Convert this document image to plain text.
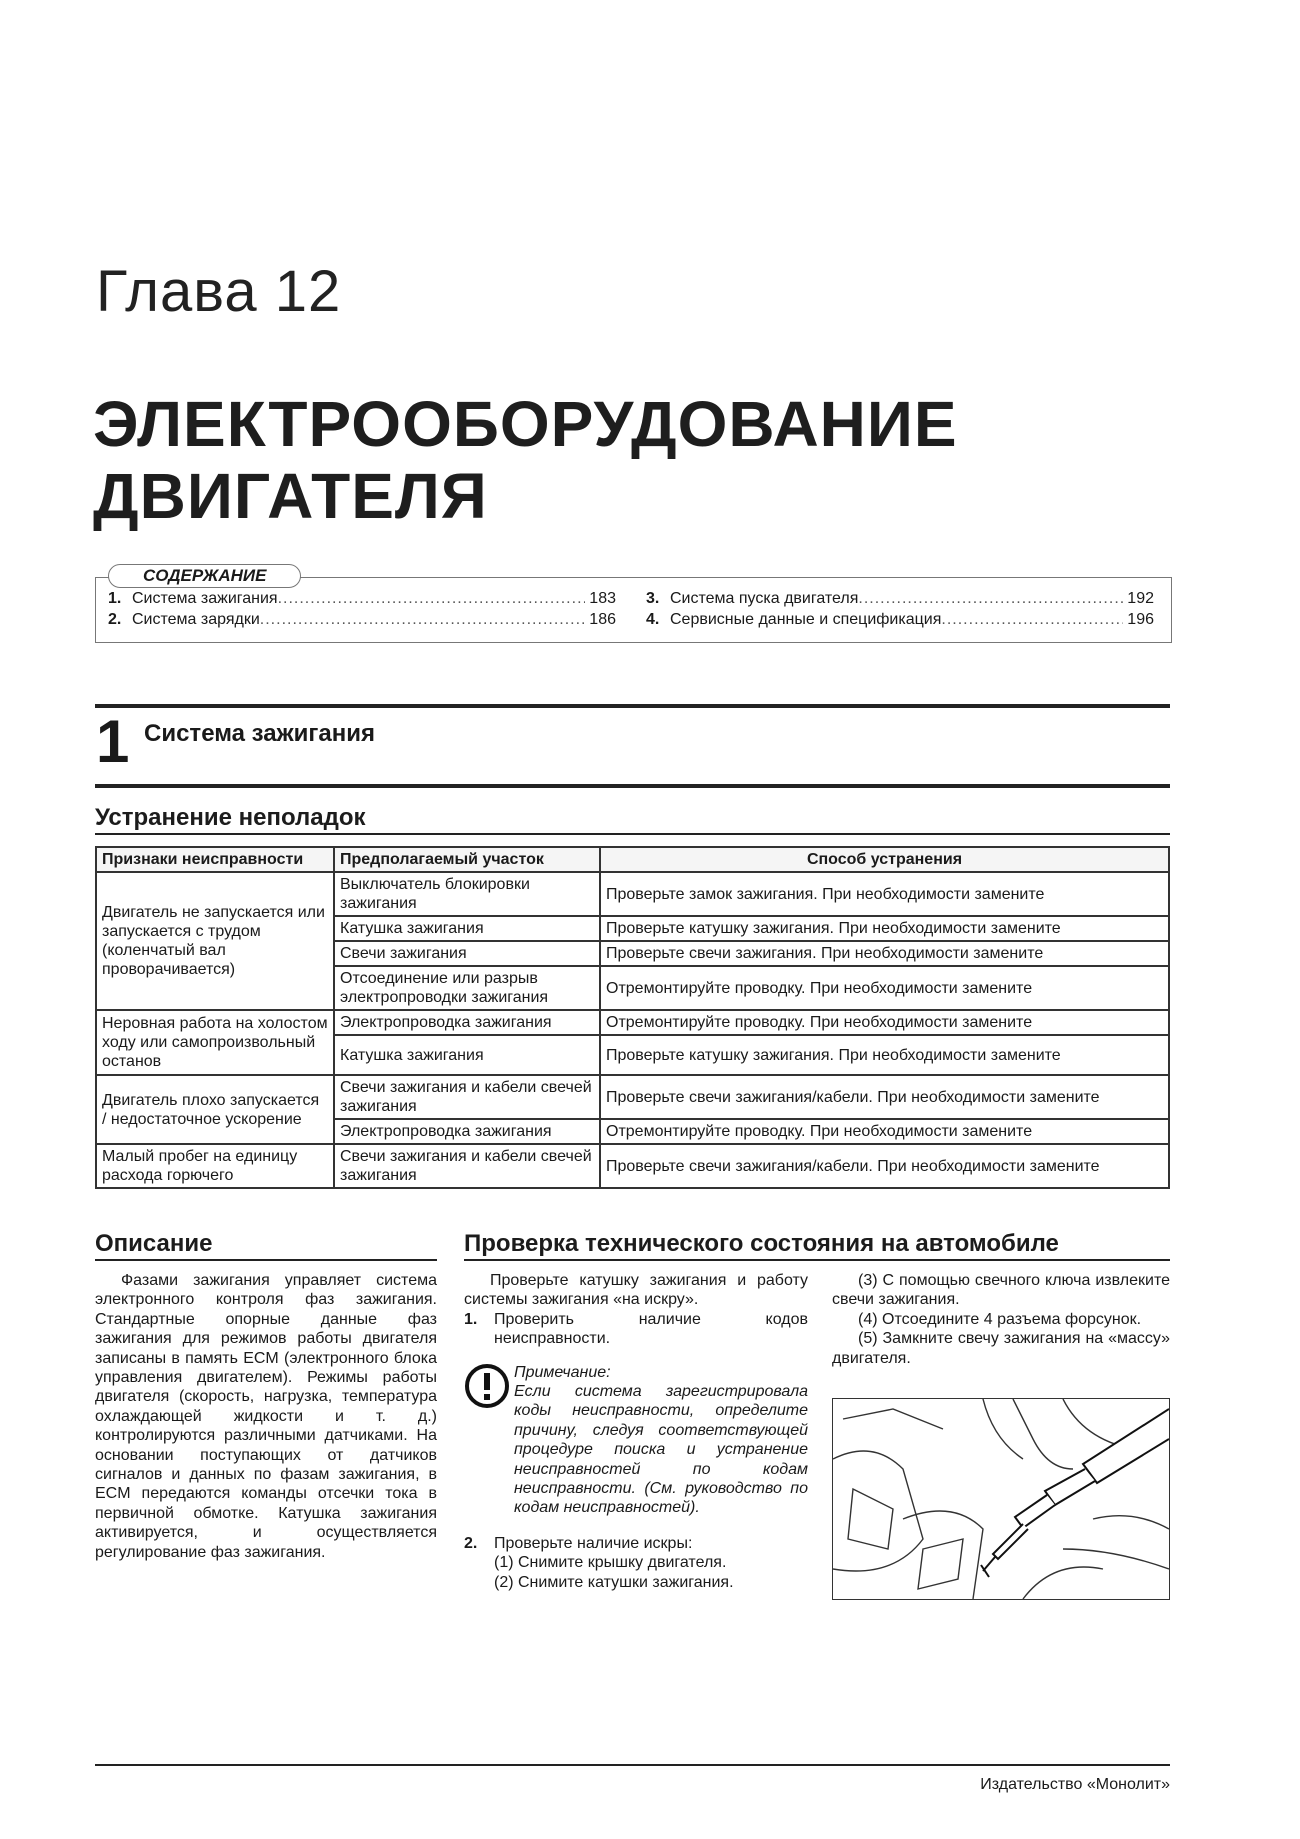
Глава 12
ЭЛЕКТРООБОРУДОВАНИЕ
ДВИГАТЕЛЯ
1. Система зажигания .....	183
2. Система зарядки .....	186
3. Система пуска двигателя .....	192
4. Сервисные данные и спецификация .....	196
СОДЕРЖАНИЕ
1 Система зажигания
Устранение неполадок
Признаки неисправности	Предполагаемый участок	Способ устранения
Двигатель не запускается или запускается с трудом (коленчатый вал проворачивается)	Выключатель блокировки зажигания	Проверьте замок зажигания. При необходимости замените
	Катушка зажигания	Проверьте катушку зажигания. При необходимости замените
	Свечи зажигания	Проверьте свечи зажигания. При необходимости замените
	Отсоединение или разрыв электропроводки зажигания	Отремонтируйте проводку. При необходимости замените
Неровная работа на холостом ходу или самопроизвольный останов	Электропроводка зажигания	Отремонтируйте проводку. При необходимости замените
	Катушка зажигания	Проверьте катушку зажигания. При необходимости замените
Двигатель плохо запускается / недостаточное ускорение	Свечи зажигания и кабели свечей зажигания	Проверьте свечи зажигания/кабели. При необходимости замените
	Электропроводка зажигания	Отремонтируйте проводку. При необходимости замените
Малый пробег на единицу расхода горючего	Свечи зажигания и кабели свечей зажигания	Проверьте свечи зажигания/кабели. При необходимости замените
Описание
Фазами зажигания управляет система электронного контроля фаз зажигания. Стандартные опорные данные фаз зажигания для режимов работы двигателя записаны в память ECM (электронного блока управления двигателем). Режимы работы двигателя (скорость, нагрузка, температура охлаждающей жидкости и т. д.) контролируются различными датчиками. На основании поступающих от датчиков сигналов и данных по фазам зажигания, в ECM передаются команды отсечки тока в первичной обмотке. Катушка зажигания активируется, и осуществляется регулирование фаз зажигания.
Проверка технического состояния на автомобиле
Проверьте катушку зажигания и работу системы зажигания «на искру».
1.	Проверить наличие кодов неисправности.
Примечание:
Если система зарегистрировала коды неисправности, определите причину, следуя соответствующей процедуре поиска и устранение неисправностей по кодам неисправности. (См. руководство по кодам неисправностей).
2.	Проверьте наличие искры:
(1) Снимите крышку двигателя.
(2) Снимите катушки зажигания.
(3) С помощью свечного ключа извлеките свечи зажигания.
(4) Отсоедините 4 разъема форсунок.
(5) Замкните свечу зажигания на «массу» двигателя.
Издательство «Монолит»
